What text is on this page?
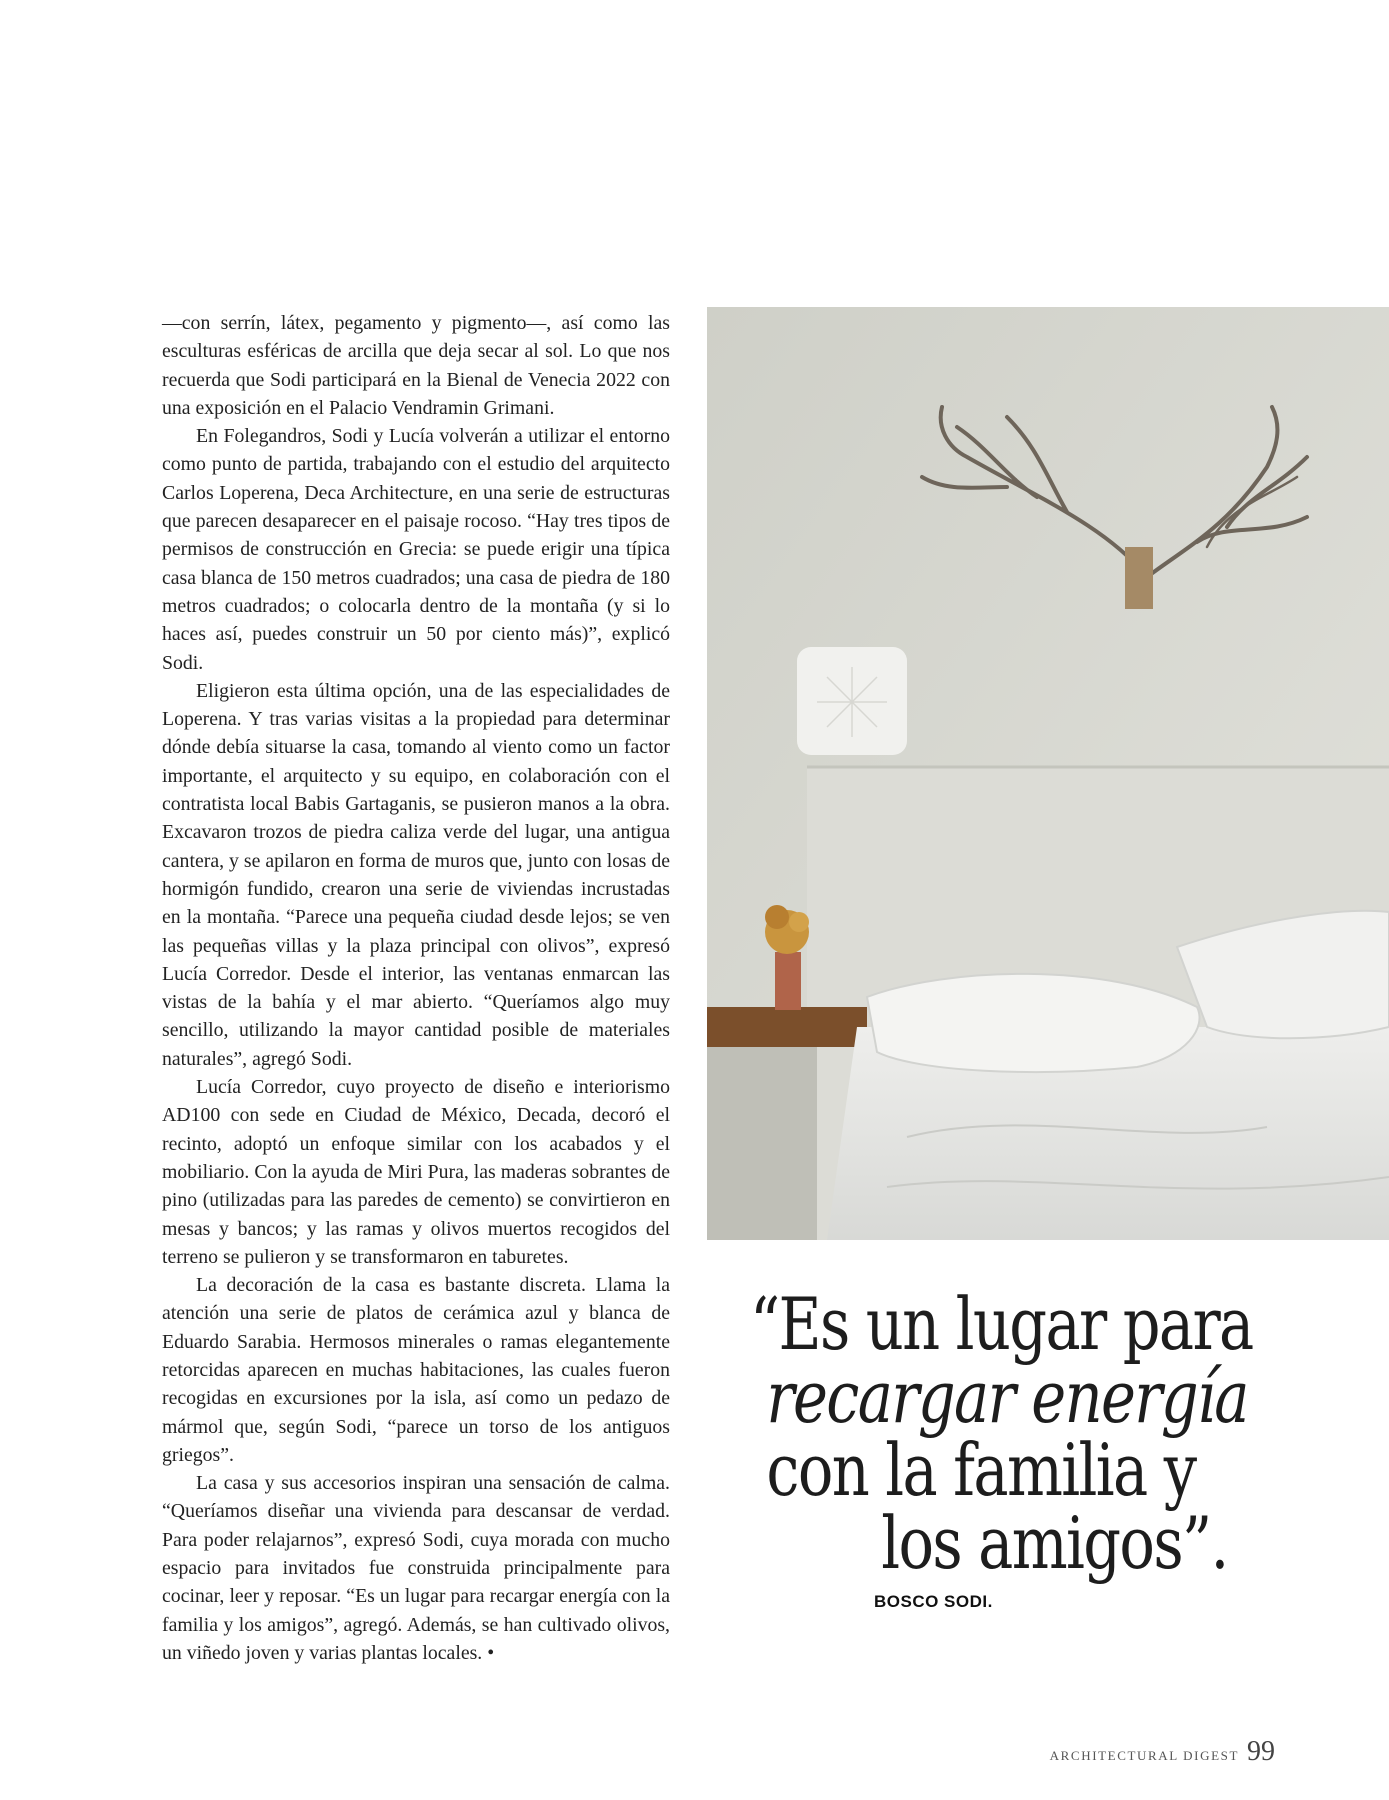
—con serrín, látex, pegamento y pigmento—, así como las esculturas esféricas de arcilla que deja secar al sol. Lo que nos recuerda que Sodi participará en la Bienal de Venecia 2022 con una exposición en el Palacio Vendramin Grimani.

En Folegandros, Sodi y Lucía volverán a utilizar el entorno como punto de partida, trabajando con el estudio del arquitecto Carlos Loperena, Deca Architecture, en una serie de estructuras que parecen desaparecer en el paisaje rocoso. “Hay tres tipos de permisos de construcción en Grecia: se puede erigir una típica casa blanca de 150 metros cuadrados; una casa de piedra de 180 metros cuadrados; o colocarla dentro de la montaña (y si lo haces así, puedes construir un 50 por ciento más)”, explicó Sodi.

Eligieron esta última opción, una de las especialidades de Loperena. Y tras varias visitas a la propiedad para determinar dónde debía situarse la casa, tomando al viento como un factor importante, el arquitecto y su equipo, en colaboración con el contratista local Babis Gartaganis, se pusieron manos a la obra. Excavaron trozos de piedra caliza verde del lugar, una antigua cantera, y se apilaron en forma de muros que, junto con losas de hormigón fundido, crearon una serie de viviendas incrustadas en la montaña. “Parece una pequeña ciudad desde lejos; se ven las pequeñas villas y la plaza principal con olivos”, expresó Lucía Corredor. Desde el interior, las ventanas enmarcan las vistas de la bahía y el mar abierto. “Queríamos algo muy sencillo, utilizando la mayor cantidad posible de materiales naturales”, agregó Sodi.

Lucía Corredor, cuyo proyecto de diseño e interiorismo AD100 con sede en Ciudad de México, Decada, decoró el recinto, adoptó un enfoque similar con los acabados y el mobiliario. Con la ayuda de Miri Pura, las maderas sobrantes de pino (utilizadas para las paredes de cemento) se convirtieron en mesas y bancos; y las ramas y olivos muertos recogidos del terreno se pulieron y se transformaron en taburetes.

La decoración de la casa es bastante discreta. Llama la atención una serie de platos de cerámica azul y blanca de Eduardo Sarabia. Hermosos minerales o ramas elegantemente retorcidas aparecen en muchas habitaciones, las cuales fueron recogidas en excursiones por la isla, así como un pedazo de mármol que, según Sodi, “parece un torso de los antiguos griegos”.

La casa y sus accesorios inspiran una sensación de calma. “Queríamos diseñar una vivienda para descansar de verdad. Para poder relajarnos”, expresó Sodi, cuya morada con mucho espacio para invitados fue construida principalmente para cocinar, leer y reposar. “Es un lugar para recargar energía con la familia y los amigos”, agregó. Además, se han cultivado olivos, un viñedo joven y varias plantas locales. •

“Es un lugar para
recargar energía
con la familia y
los amigos”.
BOSCO SODI.
ARCHITECTURAL DIGEST 99
